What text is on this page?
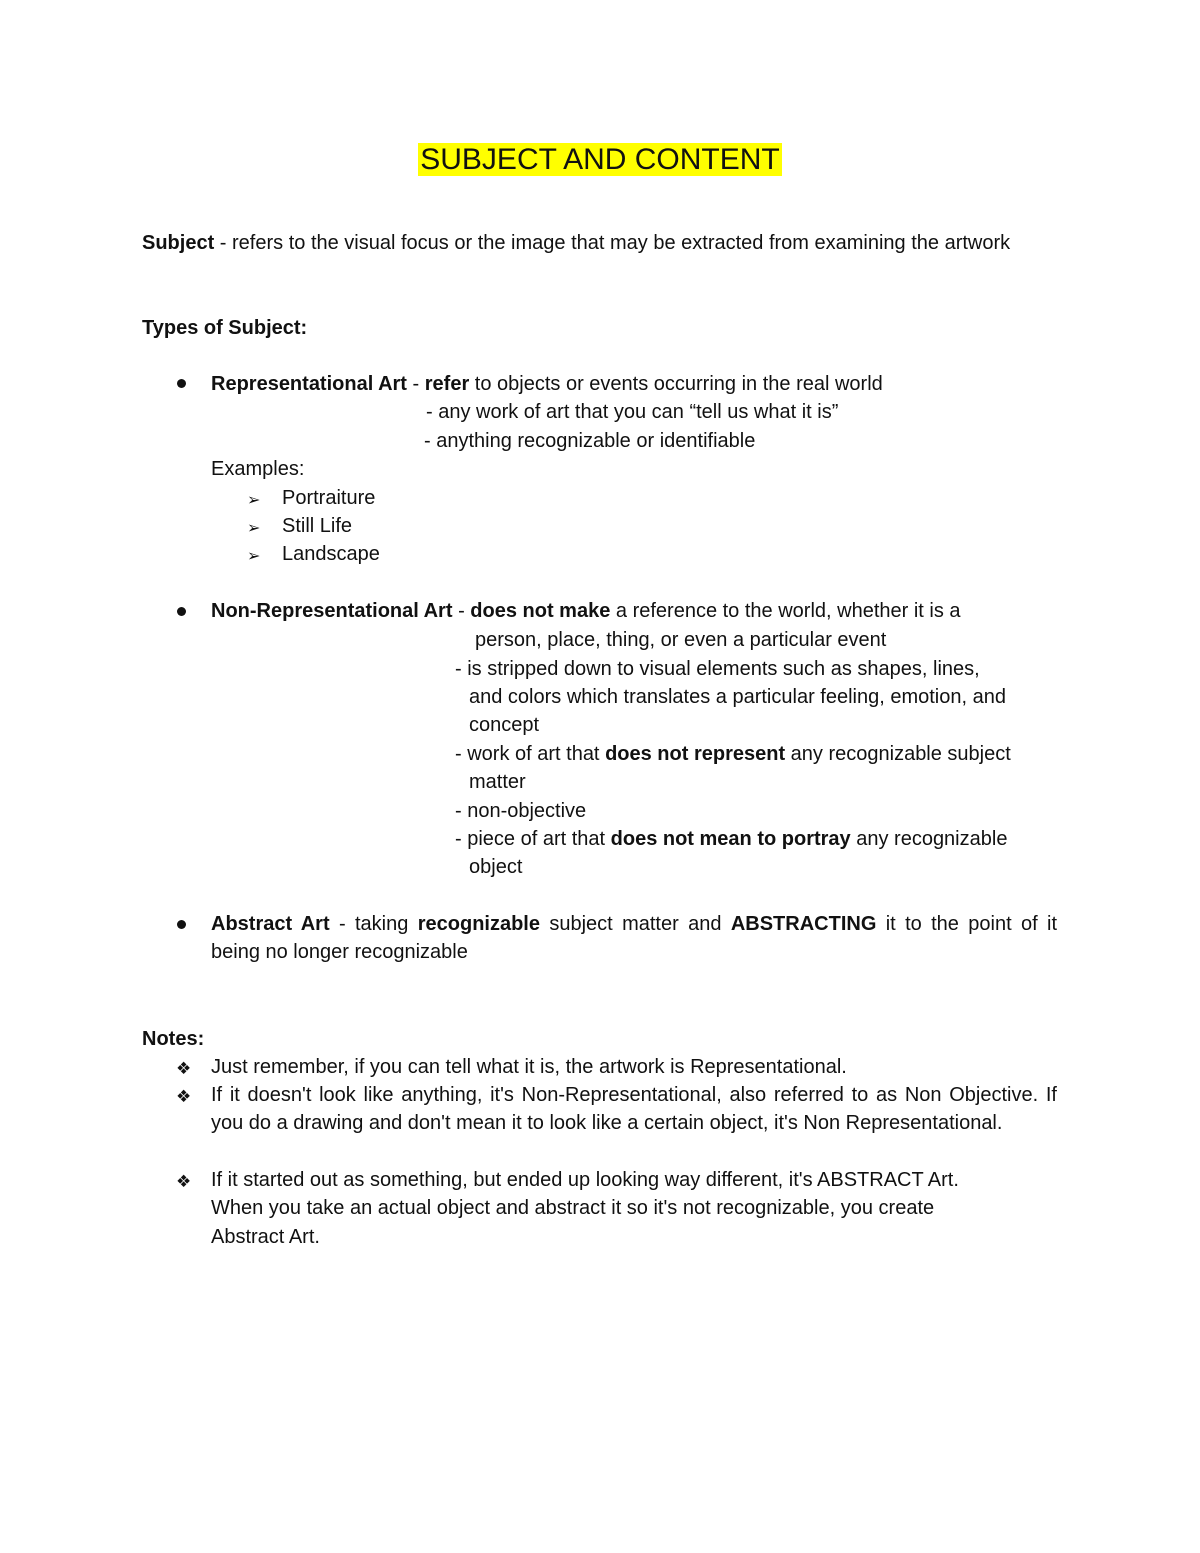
SUBJECT AND CONTENT
Subject - refers to the visual focus or the image that may be extracted from examining the artwork
Types of Subject:
Representational Art - refer to objects or events occurring in the real world
- any work of art that you can “tell us what it is”
- anything recognizable or identifiable
Examples:
➢ Portraiture
➢ Still Life
➢ Landscape
Non-Representational Art - does not make a reference to the world, whether it is a
person, place, thing, or even a particular event
- is stripped down to visual elements such as shapes, lines,
and colors which translates a particular feeling, emotion, and
concept
- work of art that does not represent any recognizable subject
matter
- non-objective
- piece of art that does not mean to portray any recognizable
object
Abstract Art - taking recognizable subject matter and ABSTRACTING it to the point of it being no longer recognizable
Notes:
❖ Just remember, if you can tell what it is, the artwork is Representational.
❖ If it doesn't look like anything, it's Non-Representational, also referred to as Non Objective. If you do a drawing and don't mean it to look like a certain object, it's Non Representational.
❖ If it started out as something, but ended up looking way different, it's ABSTRACT Art.
When you take an actual object and abstract it so it's not recognizable, you create
Abstract Art.
